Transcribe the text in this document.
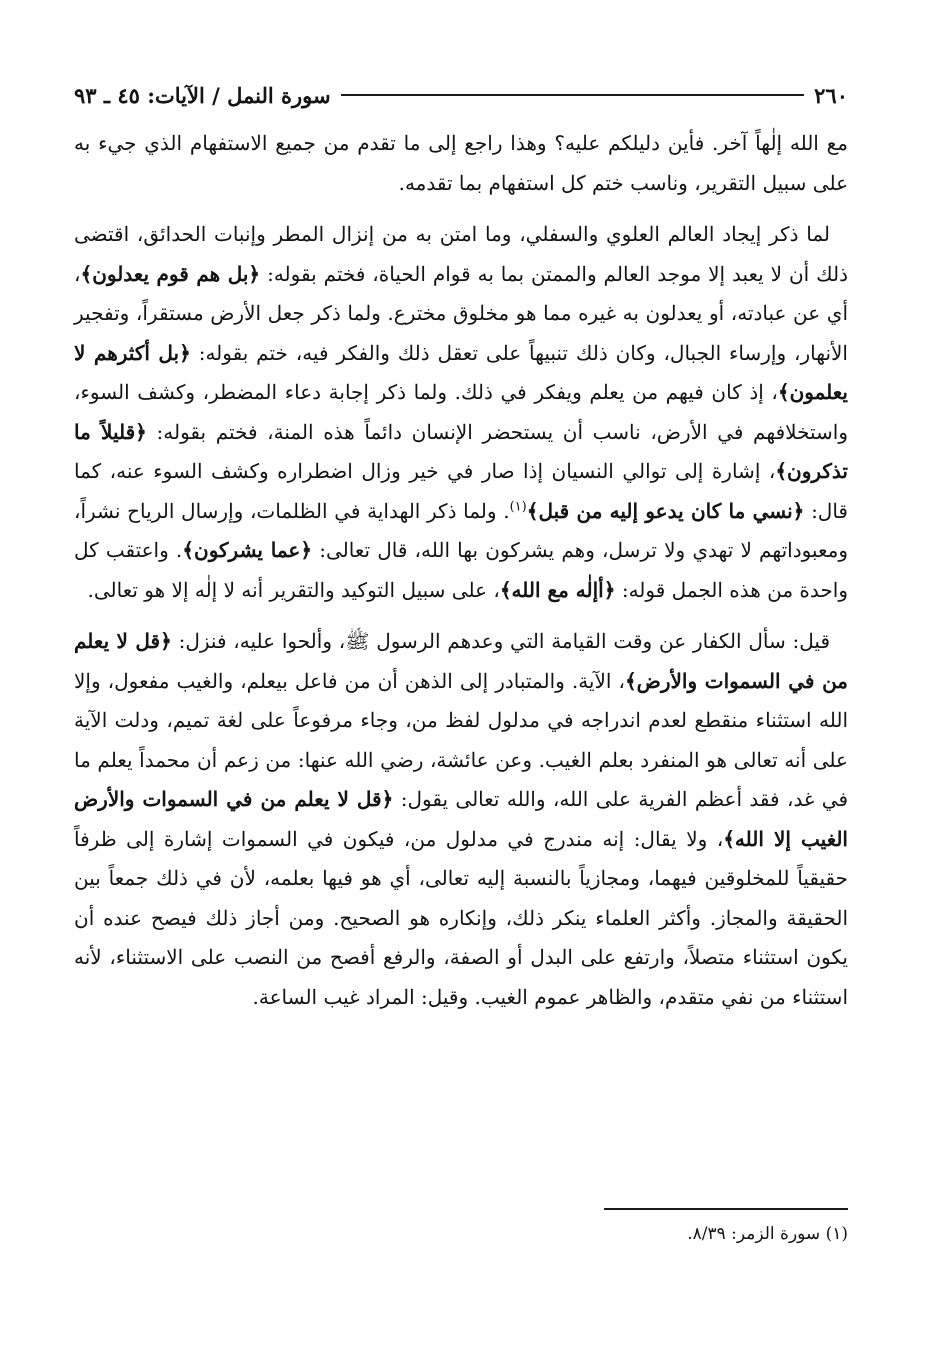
٢٦٠
سورة النمل / الآيات: ٤٥ ـ ٩٣

مع الله إلٰهاً آخر. فأين دليلكم عليه؟ وهذا راجع إلى ما تقدم من جميع الاستفهام الذي جيء به على سبيل التقرير، وناسب ختم كل استفهام بما تقدمه.

لما ذكر إيجاد العالم العلوي والسفلي، وما امتن به من إنزال المطر وإنبات الحدائق، اقتضى ذلك أن لا يعبد إلا موجد العالم والممتن بما به قوام الحياة، فختم بقوله: ﴿بل هم قوم يعدلون﴾، أي عن عبادته، أو يعدلون به غيره مما هو مخلوق مخترع. ولما ذكر جعل الأرض مستقراً، وتفجير الأنهار، وإرساء الجبال، وكان ذلك تنبيهاً على تعقل ذلك والفكر فيه، ختم بقوله: ﴿بل أكثرهم لا يعلمون﴾، إذ كان فيهم من يعلم ويفكر في ذلك. ولما ذكر إجابة دعاء المضطر، وكشف السوء، واستخلافهم في الأرض، ناسب أن يستحضر الإنسان دائماً هذه المنة، فختم بقوله: ﴿قليلاً ما تذكرون﴾، إشارة إلى توالي النسيان إذا صار في خير وزال اضطراره وكشف السوء عنه، كما قال: ﴿نسي ما كان يدعو إليه من قبل﴾$^{(١)}$. ولما ذكر الهداية في الظلمات، وإرسال الرياح نشراً، ومعبوداتهم لا تهدي ولا ترسل، وهم يشركون بها الله، قال تعالى: ﴿عما يشركون﴾. واعتقب كل واحدة من هذه الجمل قوله: ﴿أإلٰه مع الله﴾، على سبيل التوكيد والتقرير أنه لا إلٰه إلا هو تعالى.

قيل: سأل الكفار عن وقت القيامة التي وعدهم الرسول ﷺ، وألحوا عليه، فنزل: ﴿قل لا يعلم من في السموات والأرض﴾، الآية. والمتبادر إلى الذهن أن من فاعل بيعلم، والغيب مفعول، وإلا الله استثناء منقطع لعدم اندراجه في مدلول لفظ من، وجاء مرفوعاً على لغة تميم، ودلت الآية على أنه تعالى هو المنفرد بعلم الغيب. وعن عائشة، رضي الله عنها: من زعم أن محمداً يعلم ما في غد، فقد أعظم الفرية على الله، والله تعالى يقول: ﴿قل لا يعلم من في السموات والأرض الغيب إلا الله﴾، ولا يقال: إنه مندرج في مدلول من، فيكون في السموات إشارة إلى ظرفاً حقيقياً للمخلوقين فيهما، ومجازياً بالنسبة إليه تعالى، أي هو فيها بعلمه، لأن في ذلك جمعاً بين الحقيقة والمجاز. وأكثر العلماء ينكر ذلك، وإنكاره هو الصحيح. ومن أجاز ذلك فيصح عنده أن يكون استثناء متصلاً، وارتفع على البدل أو الصفة، والرفع أفصح من النصب على الاستثناء، لأنه استثناء من نفي متقدم، والظاهر عموم الغيب. وقيل: المراد غيب الساعة.

(١) سورة الزمر: ٨/٣٩.
